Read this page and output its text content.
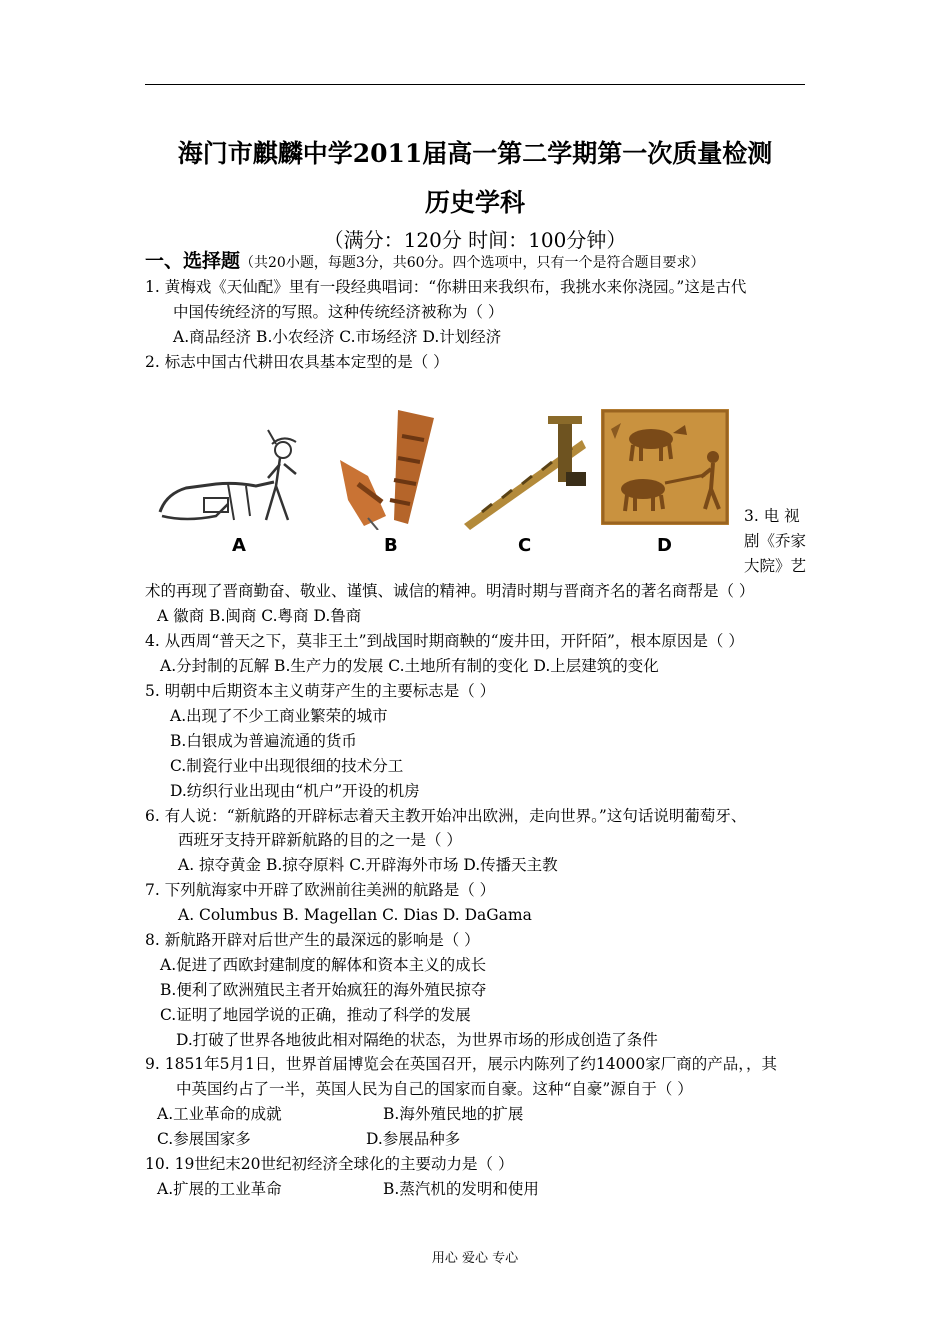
海门市麒麟中学2011届高一第二学期第一次质量检测
历史学科
（满分：120分 时间：100分钟）
一、选择题（共20小题，每题3分，共60分。四个选项中，只有一个是符合题目要求）
1. 黄梅戏《天仙配》里有一段经典唱词：“你耕田来我织布，我挑水来你浇园。”这是古代
中国传统经济的写照。这种传统经济被称为（ ）
A.商品经济 B.小农经济 C.市场经济 D.计划经济
2. 标志中国古代耕田农具基本定型的是（ ）
A	B	C	D
3. 电 视
剧《乔家
大院》艺
术的再现了晋商勤奋、敬业、谨慎、诚信的精神。明清时期与晋商齐名的著名商帮是（ ）
A 徽商 B.闽商 C.粤商 D.鲁商
4. 从西周“普天之下，莫非王土”到战国时期商鞅的“废井田，开阡陌”，根本原因是（ ）
A.分封制的瓦解 B.生产力的发展 C.土地所有制的变化 D.上层建筑的变化
5. 明朝中后期资本主义萌芽产生的主要标志是（ ）
A.出现了不少工商业繁荣的城市
B.白银成为普遍流通的货币
C.制瓷行业中出现很细的技术分工
D.纺织行业出现由“机户”开设的机房
6. 有人说：“新航路的开辟标志着天主教开始冲出欧洲，走向世界。”这句话说明葡萄牙、
西班牙支持开辟新航路的目的之一是（ ）
A. 掠夺黄金 B.掠夺原料 C.开辟海外市场 D.传播天主教
7. 下列航海家中开辟了欧洲前往美洲的航路是（ ）
A. Columbus B. Magellan C. Dias D. DaGama
8. 新航路开辟对后世产生的最深远的影响是（ ）
A.促进了西欧封建制度的解体和资本主义的成长
B.便利了欧洲殖民主者开始疯狂的海外殖民掠夺
C.证明了地园学说的正确，推动了科学的发展
D.打破了世界各地彼此相对隔绝的状态，为世界市场的形成创造了条件
9. 1851年5月1日，世界首届博览会在英国召开，展示内陈列了约14000家厂商的产品，，其
中英国约占了一半，英国人民为自己的国家而自豪。这种“自豪”源自于（ ）
A.工业革命的成就	B.海外殖民地的扩展
C.参展国家多	D.参展品种多
10. 19世纪末20世纪初经济全球化的主要动力是（ ）
A.扩展的工业革命	B.蒸汽机的发明和使用
用心 爱心 专心
